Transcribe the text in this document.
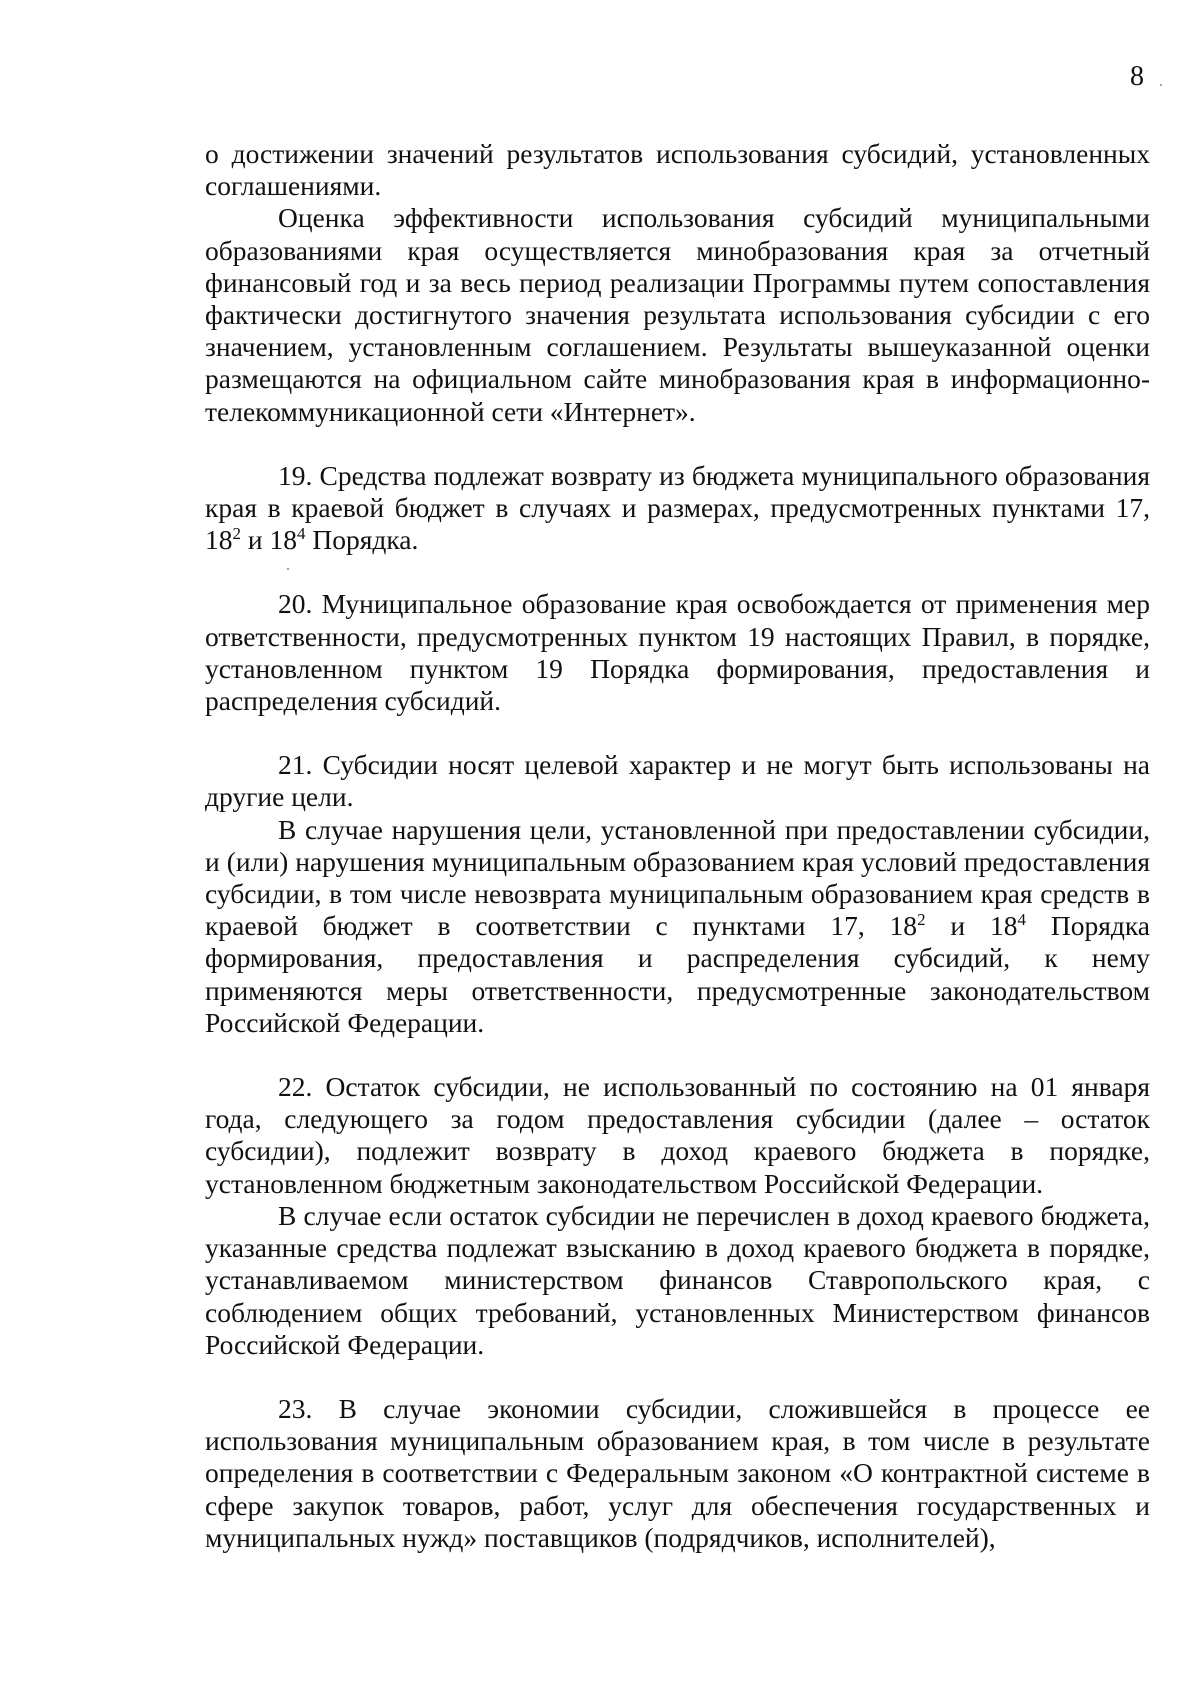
8

о достижении значений результатов использования субсидий, установленных соглашениями.

Оценка эффективности использования субсидий муниципальными образованиями края осуществляется минобразования края за отчетный финансовый год и за весь период реализации Программы путем сопоставления фактически достигнутого значения результата использования субсидии с его значением, установленным соглашением. Результаты вышеуказанной оценки размещаются на официальном сайте минобразования края в информационно-телекоммуникационной сети «Интернет».

19. Средства подлежат возврату из бюджета муниципального образования края в краевой бюджет в случаях и размерах, предусмотренных пунктами 17, $18^2$ и $18^4$ Порядка.

20. Муниципальное образование края освобождается от применения мер ответственности, предусмотренных пунктом 19 настоящих Правил, в порядке, установленном пунктом 19 Порядка формирования, предоставления и распределения субсидий.

21. Субсидии носят целевой характер и не могут быть использованы на другие цели.

В случае нарушения цели, установленной при предоставлении субсидии, и (или) нарушения муниципальным образованием края условий предоставления субсидии, в том числе невозврата муниципальным образованием края средств в краевой бюджет в соответствии с пунктами 17, $18^2$ и $18^4$ Порядка формирования, предоставления и распределения субсидий, к нему применяются меры ответственности, предусмотренные законодательством Российской Федерации.

22. Остаток субсидии, не использованный по состоянию на 01 января года, следующего за годом предоставления субсидии (далее – остаток субсидии), подлежит возврату в доход краевого бюджета в порядке, установленном бюджетным законодательством Российской Федерации.

В случае если остаток субсидии не перечислен в доход краевого бюджета, указанные средства подлежат взысканию в доход краевого бюджета в порядке, устанавливаемом министерством финансов Ставропольского края, с соблюдением общих требований, установленных Министерством финансов Российской Федерации.

23. В случае экономии субсидии, сложившейся в процессе ее использования муниципальным образованием края, в том числе в результате определения в соответствии с Федеральным законом «О контрактной системе в сфере закупок товаров, работ, услуг для обеспечения государственных и муниципальных нужд» поставщиков (подрядчиков, исполнителей),
